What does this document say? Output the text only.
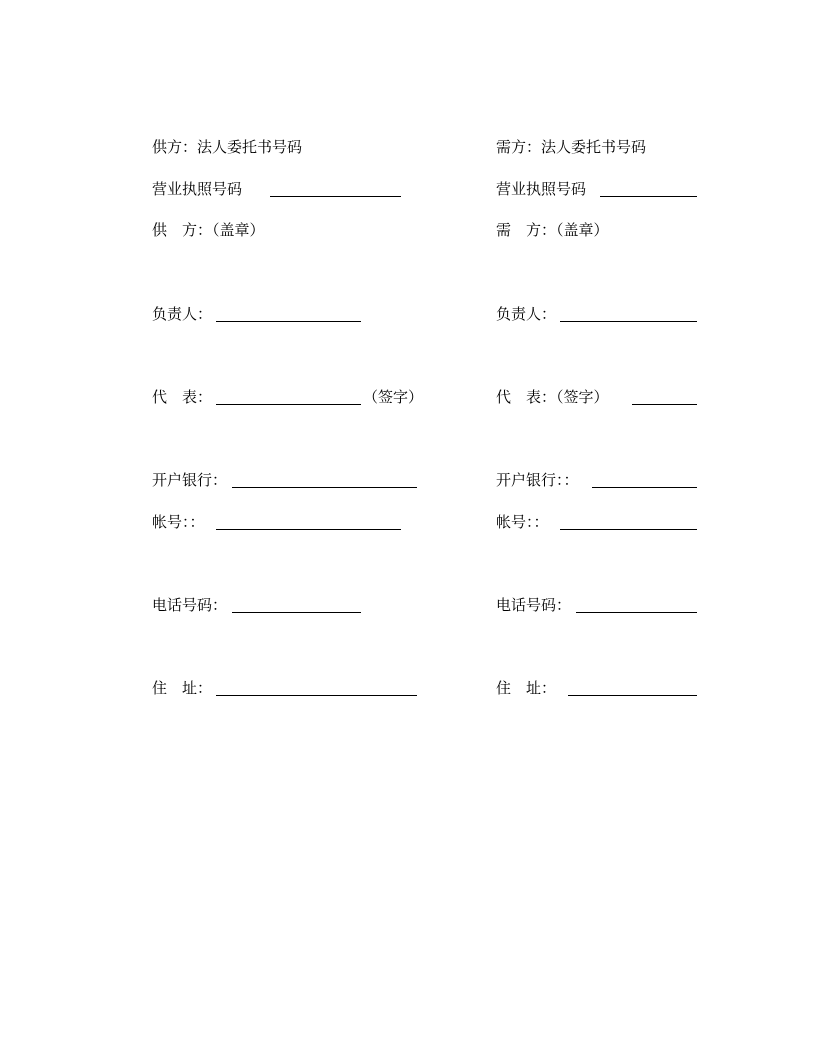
供方：法人委托书号码	需方：法人委托书号码
营业执照号码	营业执照号码
供　方：（盖章）	需　方：（盖章）
负责人：	负责人：
代　表：	（签字）	代　表：（签字）
开户银行：	开户银行：：
帐号：：	帐号：：
电话号码：	电话号码：
住　址：	住　址：
